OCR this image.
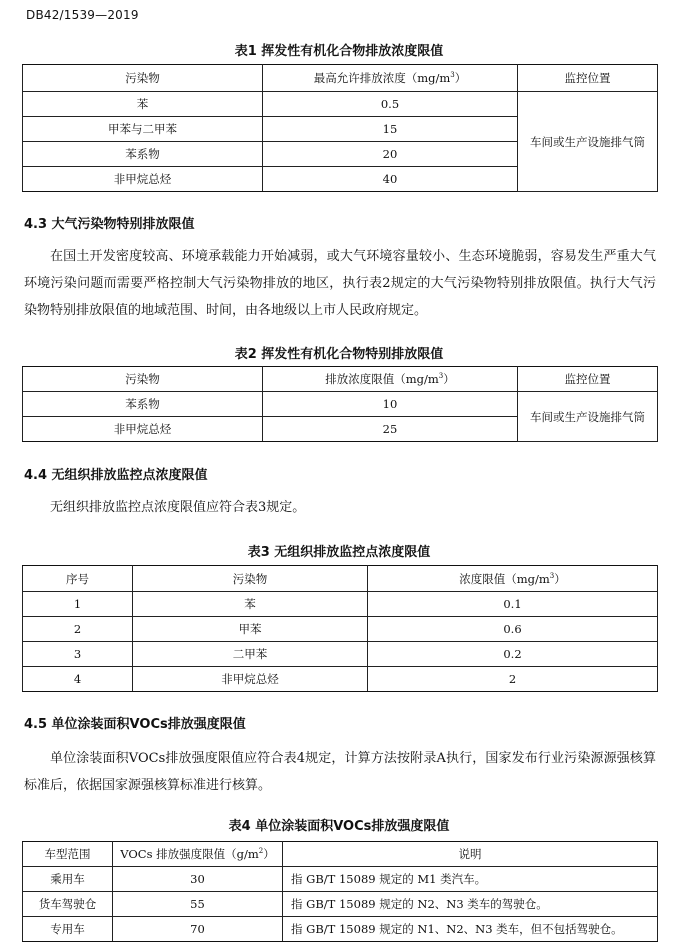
DB42/1539—2019
表1 挥发性有机化合物排放浓度限值
污染物	最高允许排放浓度$(mg/m^3)$	监控位置
苯	0.5	车间或生产设施排气筒
甲苯与二甲苯	15	
苯系物	20	
非甲烷总烃	40	
4.3 大气污染物特别排放限值

在国土开发密度较高、环境承载能力开始减弱，或大气环境容量较小、生态环境脆弱，容易发生严重大气环境污染问题而需要严格控制大气污染物排放的地区，执行表2规定的大气污染物特别排放限值。执行大气污染物特别排放限值的地域范围、时间，由各地级以上市人民政府规定。

表2 挥发性有机化合物特别排放限值
污染物	排放浓度限值$(mg/m^3)$	监控位置
苯系物	10	车间或生产设施排气筒
非甲烷总烃	25	
4.4 无组织排放监控点浓度限值

无组织排放监控点浓度限值应符合表3规定。

表3 无组织排放监控点浓度限值
序号	污染物	浓度限值$(mg/m^3)$
1	苯	0.1
2	甲苯	0.6
3	二甲苯	0.2
4	非甲烷总烃	2
4.5 单位涂装面积VOCs排放强度限值

单位涂装面积VOCs排放强度限值应符合表4规定，计算方法按附录A执行，国家发布行业污染源源强核算标准后，依据国家源强核算标准进行核算。

表4 单位涂装面积VOCs排放强度限值
车型范围	VOCs 排放强度限值$(g/m^2)$	说明
乘用车	30	指 GB/T 15089 规定的 M1 类汽车。
货车驾驶仓	55	指 GB/T 15089 规定的 N2、N3 类车的驾驶仓。
专用车	70	指 GB/T 15089 规定的 N1、N2、N3 类车，但不包括驾驶仓。
